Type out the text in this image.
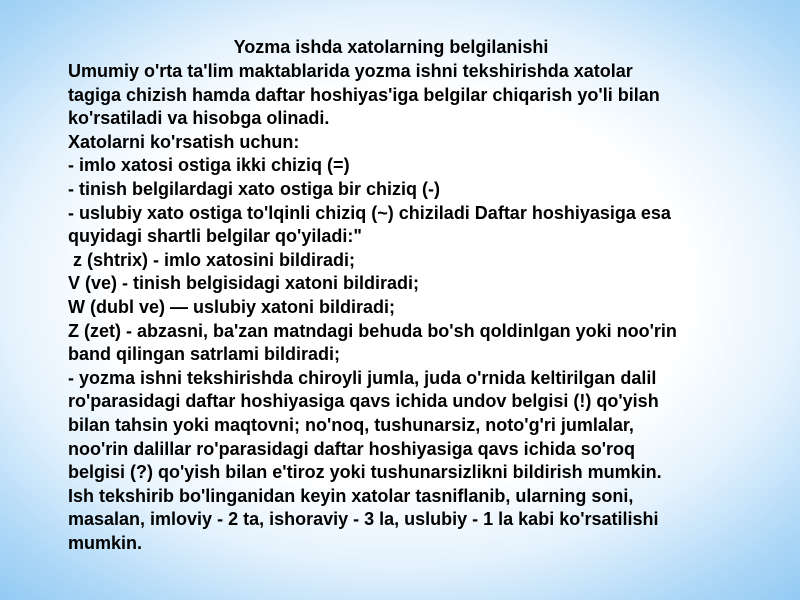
Yozma ishda xatolarning belgilanishi
Umumiy o'rta ta'lim maktablarida yozma ishni tekshirishda xatolar
tagiga chizish hamda daftar hoshiyas'iga belgilar chiqarish yo'li bilan
ko'rsatiladi va hisobga olinadi.
Xatolarni ko'rsatish uchun:
- imlo xatosi ostiga ikki chiziq (=)
- tinish belgilardagi xato ostiga bir chiziq (-)
- uslubiy xato ostiga to'lqinli chiziq (~) chiziladi Daftar hoshiyasiga esa
quyidagi shartli belgilar qo'yiladi:"
z (shtrix) - imlo xatosini bildiradi;
V (ve) - tinish belgisidagi xatoni bildiradi;
W (dubl ve) — uslubiy xatoni bildiradi;
Z (zet) - abzasni, ba'zan matndagi behuda bo'sh qoldinlgan yoki noo'rin
band qilingan satrlami bildiradi;
- yozma ishni tekshirishda chiroyli jumla, juda o'rnida keltirilgan dalil
ro'parasidagi daftar hoshiyasiga qavs ichida undov belgisi (!) qo'yish
bilan tahsin yoki maqtovni; no'noq, tushunarsiz, noto'g'ri jumlalar,
noo'rin dalillar ro'parasidagi daftar hoshiyasiga qavs ichida so'roq
belgisi (?) qo'yish bilan e'tiroz yoki tushunarsizlikni bildirish mumkin.
Ish tekshirib bo'linganidan keyin xatolar tasniflanib, ularning soni,
masalan, imloviy - 2 ta, ishoraviy - 3 la, uslubiy - 1 la kabi ko'rsatilishi
mumkin.
